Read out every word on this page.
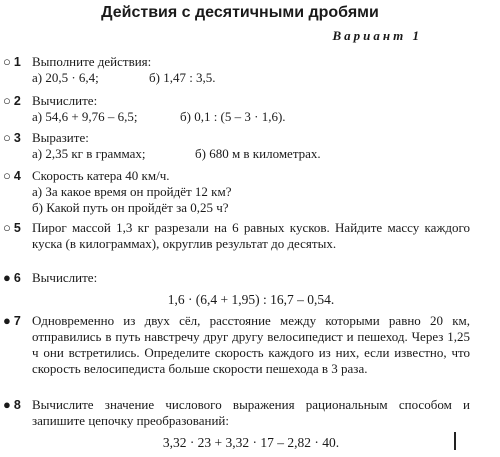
Действия с десятичными дробями
Вариант 1
○ 1 Выполните действия:
а) 20,5 · 6,4;	б) 1,47 : 3,5.
○ 2 Вычислите:
а) 54,6 + 9,76 – 6,5;	б) 0,1 : (5 – 3 · 1,6).
○ 3 Выразите:
а) 2,35 кг в граммах;	б) 680 м в километрах.
○ 4 Скорость катера 40 км/ч.
а) За какое время он пройдёт 12 км?
б) Какой путь он пройдёт за 0,25 ч?
○ 5 Пирог массой 1,3 кг разрезали на 6 равных кусков. Найдите массу каждого куска (в килограммах), округлив результат до десятых.
● 6 Вычислите:
1,6 · (6,4 + 1,95) : 16,7 – 0,54.
● 7 Одновременно из двух сёл, расстояние между которыми равно 20 км, отправились в путь навстречу друг другу велосипедист и пешеход. Через 1,25 ч они встретились. Определите скорость каждого из них, если известно, что скорость велосипедиста больше скорости пешехода в 3 раза.
● 8 Вычислите значение числового выражения рациональным способом и запишите цепочку преобразований:
3,32 · 23 + 3,32 · 17 – 2,82 · 40.
